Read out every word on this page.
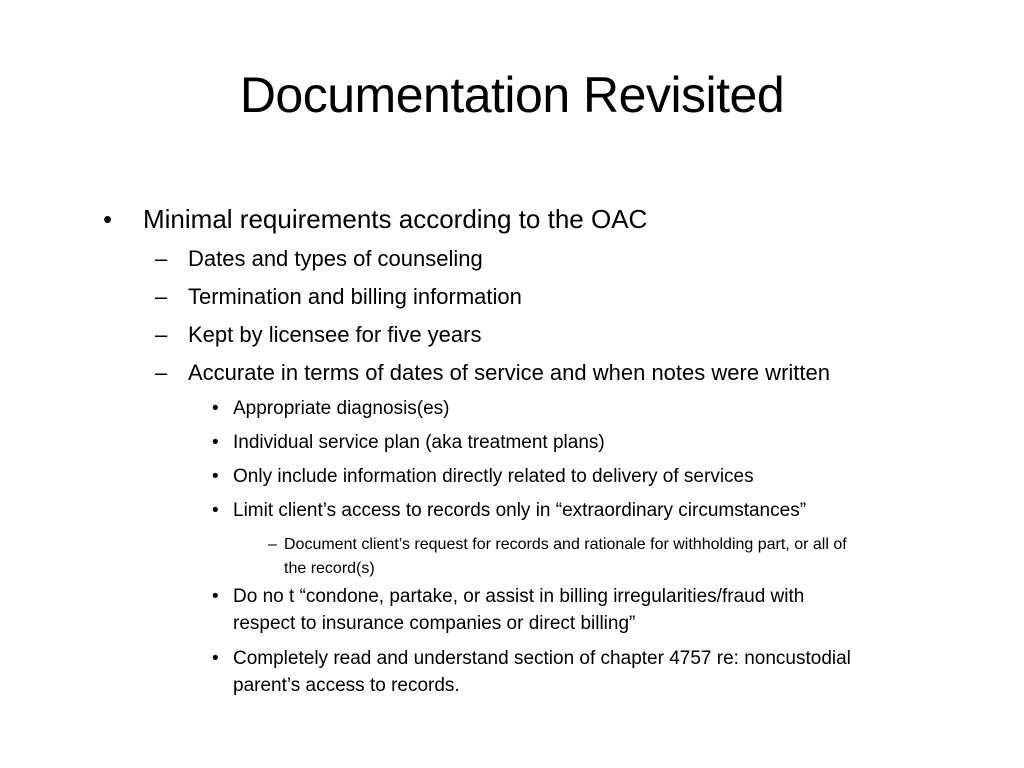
Documentation Revisited
• Minimal requirements according to the OAC
– Dates and types of counseling
– Termination and billing information
– Kept by licensee for five years
– Accurate in terms of dates of service and when notes were written
• Appropriate diagnosis(es)
• Individual service plan (aka treatment plans)
• Only include information directly related to delivery of services
• Limit client’s access to records only in “extraordinary circumstances”
– Document client’s request for records and rationale for withholding part, or all of
the record(s)
• Do no t “condone, partake, or assist in billing irregularities/fraud with
respect to insurance companies or direct billing”
• Completely read and understand section of chapter 4757 re: noncustodial
parent’s access to records.
